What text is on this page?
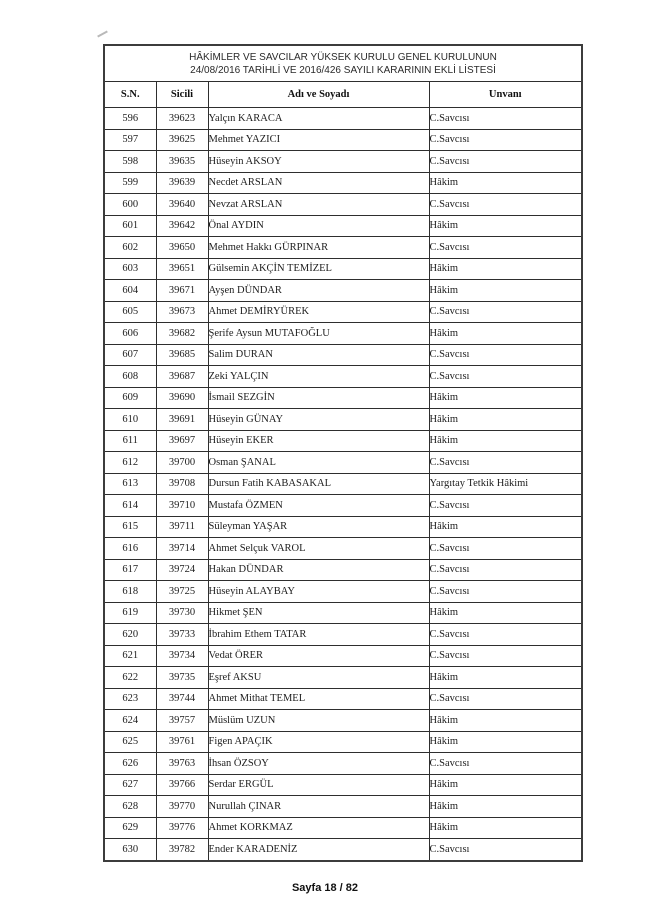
HÂKİMLER VE SAVCILAR YÜKSEK KURULU GENEL KURULUNUN
24/08/2016 TARİHLİ VE 2016/426 SAYILI KARARININ EKLİ LİSTESİ			
S.N.	Sicili	Adı ve Soyadı	Unvanı
596	39623	Yalçın KARACA	C.Savcısı
597	39625	Mehmet YAZICI	C.Savcısı
598	39635	Hüseyin AKSOY	C.Savcısı
599	39639	Necdet ARSLAN	Hâkim
600	39640	Nevzat ARSLAN	C.Savcısı
601	39642	Önal AYDIN	Hâkim
602	39650	Mehmet Hakkı GÜRPINAR	C.Savcısı
603	39651	Gülsemin AKÇİN TEMİZEL	Hâkim
604	39671	Ayşen DÜNDAR	Hâkim
605	39673	Ahmet DEMİRYÜREK	C.Savcısı
606	39682	Şerife Aysun MUTAFOĞLU	Hâkim
607	39685	Salim DURAN	C.Savcısı
608	39687	Zeki YALÇIN	C.Savcısı
609	39690	İsmail SEZGİN	Hâkim
610	39691	Hüseyin GÜNAY	Hâkim
611	39697	Hüseyin EKER	Hâkim
612	39700	Osman ŞANAL	C.Savcısı
613	39708	Dursun Fatih KABASAKAL	Yargıtay Tetkik Hâkimi
614	39710	Mustafa ÖZMEN	C.Savcısı
615	39711	Süleyman YAŞAR	Hâkim
616	39714	Ahmet Selçuk VAROL	C.Savcısı
617	39724	Hakan DÜNDAR	C.Savcısı
618	39725	Hüseyin ALAYBAY	C.Savcısı
619	39730	Hikmet ŞEN	Hâkim
620	39733	İbrahim Ethem TATAR	C.Savcısı
621	39734	Vedat ÖRER	C.Savcısı
622	39735	Eşref AKSU	Hâkim
623	39744	Ahmet Mithat TEMEL	C.Savcısı
624	39757	Müslüm UZUN	Hâkim
625	39761	Figen APAÇIK	Hâkim
626	39763	İhsan ÖZSOY	C.Savcısı
627	39766	Serdar ERGÜL	Hâkim
628	39770	Nurullah ÇINAR	Hâkim
629	39776	Ahmet KORKMAZ	Hâkim
630	39782	Ender KARADENİZ	C.Savcısı
Sayfa 18 / 82
